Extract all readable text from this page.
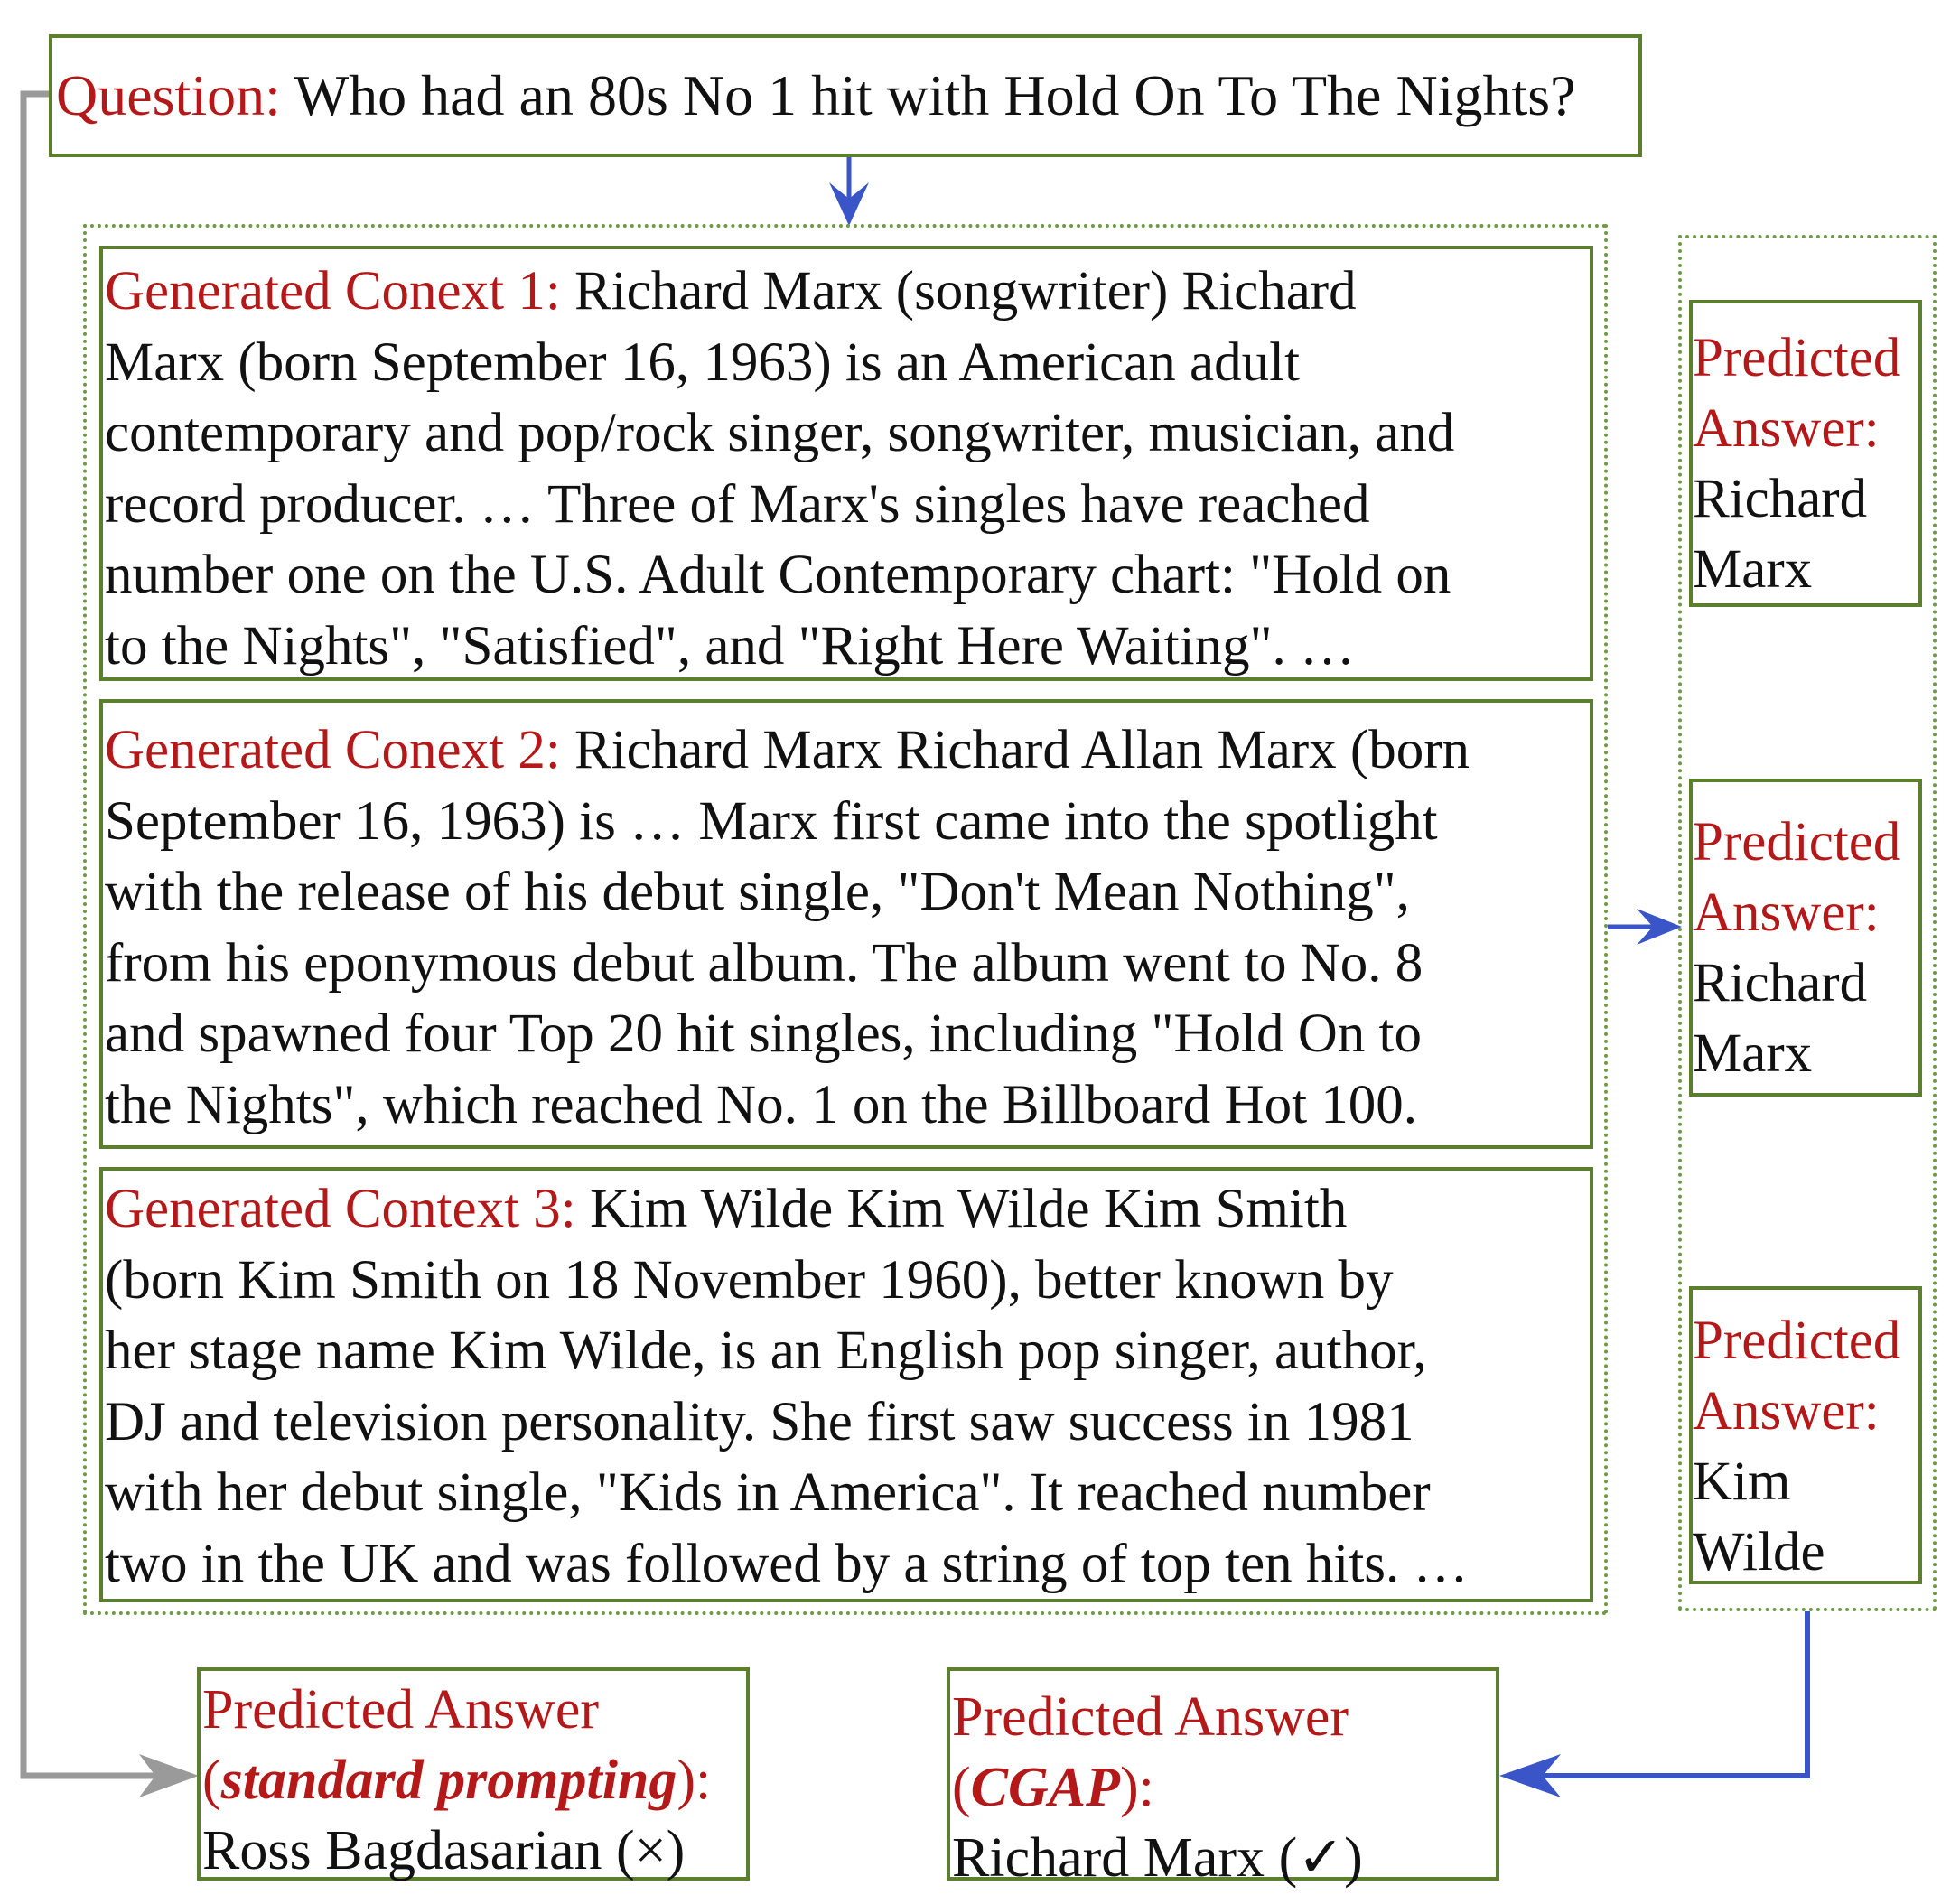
Question: Who had an 80s No 1 hit with Hold On To The Nights?

Generated Conext 1: Richard Marx (songwriter) Richard
Marx (born September 16, 1963) is an American adult
contemporary and pop/rock singer, songwriter, musician, and
record producer. … Three of Marx's singles have reached
number one on the U.S. Adult Contemporary chart: "Hold on
to the Nights", "Satisfied", and "Right Here Waiting". …
Generated Conext 2: Richard Marx Richard Allan Marx (born
September 16, 1963) is … Marx first came into the spotlight
with the release of his debut single, "Don't Mean Nothing",
from his eponymous debut album. The album went to No. 8
and spawned four Top 20 hit singles, including "Hold On to
the Nights", which reached No. 1 on the Billboard Hot 100.
Generated Context 3: Kim Wilde Kim Wilde Kim Smith
(born Kim Smith on 18 November 1960), better known by
her stage name Kim Wilde, is an English pop singer, author,
DJ and television personality. She first saw success in 1981
with her debut single, "Kids in America". It reached number
two in the UK and was followed by a string of top ten hits. …
Predicted
Answer:
Richard
Marx
Predicted
Answer:
Richard
Marx
Predicted
Answer:
Kim
Wilde
Predicted Answer
(standard prompting):
Ross Bagdasarian (×)
Predicted Answer
(CGAP):
Richard Marx (✓)
